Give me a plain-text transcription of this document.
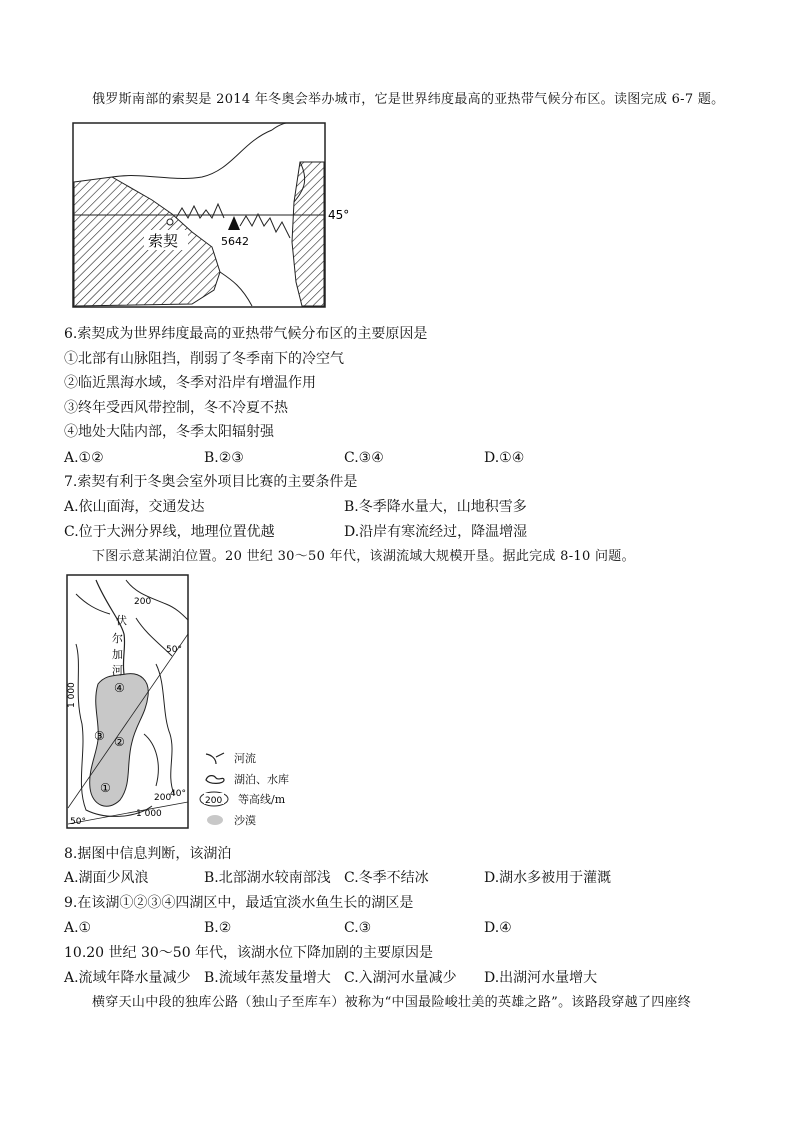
俄罗斯南部的索契是 2014 年冬奥会举办城市，它是世界纬度最高的亚热带气候分布区。读图完成 6-7 题。
45°
5642
索契
6.索契成为世界纬度最高的亚热带气候分布区的主要原因是
①北部有山脉阻挡，削弱了冬季南下的冷空气
②临近黑海水域，冬季对沿岸有增温作用
③终年受西风带控制，冬不冷夏不热
④地处大陆内部，冬季太阳辐射强
A.①②	B.②③	C.③④	D.①④
7.索契有利于冬奥会室外项目比赛的主要条件是
A.依山面海，交通发达	B.冬季降水量大，山地积雪多
C.位于大洲分界线，地理位置优越	D.沿岸有寒流经过，降温增湿
下图示意某湖泊位置。20 世纪 30～50 年代，该湖流域大规模开垦。据此完成 8-10 问题。
200
1 000
1 000
200
50°
40°
50°
伏
尔
加
河
④
③ ②
①
河流
湖泊、水库
200 等高线/m
沙漠
8.据图中信息判断，该湖泊
A.湖面少风浪	B.北部湖水较南部浅 C.冬季不结冰	D.湖水多被用于灌溉
9.在该湖①②③④四湖区中，最适宜淡水鱼生长的湖区是
A.①	B.②	C.③	D.④
10.20 世纪 30～50 年代，该湖水位下降加剧的主要原因是
A.流域年降水量减少 B.流域年蒸发量增大 C.入湖河水量减少 D.出湖河水量增大
横穿天山中段的独库公路（独山子至库车）被称为“中国最险峻壮美的英雄之路”。该路段穿越了四座终
